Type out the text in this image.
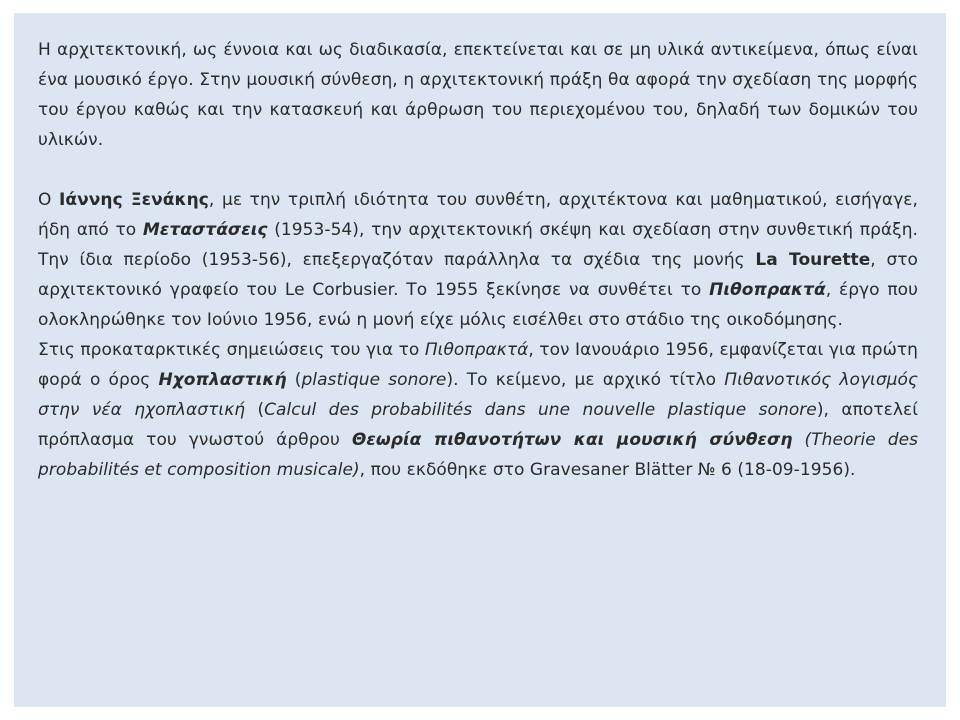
Η αρχιτεκτονική, ως έννοια και ως διαδικασία, επεκτείνεται και σε μη υλικά αντικείμενα, όπως είναι ένα μουσικό έργο. Στην μουσική σύνθεση, η αρχιτεκτονική πράξη θα αφορά την σχεδίαση της μορφής του έργου καθώς και την κατασκευή και άρθρωση του περιεχομένου του, δηλαδή των δομικών του υλικών.

Ο Ιάννης Ξενάκης, με την τριπλή ιδιότητα του συνθέτη, αρχιτέκτονα και μαθηματικού, εισήγαγε, ήδη από το Μεταστάσεις (1953-54), την αρχιτεκτονική σκέψη και σχεδίαση στην συνθετική πράξη. Την ίδια περίοδο (1953-56), επεξεργαζόταν παράλληλα τα σχέδια της μονής La Tourette, στο αρχιτεκτονικό γραφείο του Le Corbusier. Το 1955 ξεκίνησε να συνθέτει το Πιθοπρακτά, έργο που ολοκληρώθηκε τον Ιούνιο 1956, ενώ η μονή είχε μόλις εισέλθει στο στάδιο της οικοδόμησης.

Στις προκαταρκτικές σημειώσεις του για το Πιθοπρακτά, τον Ιανουάριο 1956, εμφανίζεται για πρώτη φορά ο όρος Ηχοπλαστική (plastique sonore). Το κείμενο, με αρχικό τίτλο Πιθανοτικός λογισμός στην νέα ηχοπλαστική (Calcul des probabilités dans une nouvelle plastique sonore), αποτελεί πρόπλασμα του γνωστού άρθρου Θεωρία πιθανοτήτων και μουσική σύνθεση (Theorie des probabilités et composition musicale), που εκδόθηκε στο Gravesaner Blätter № 6 (18-09-1956).
